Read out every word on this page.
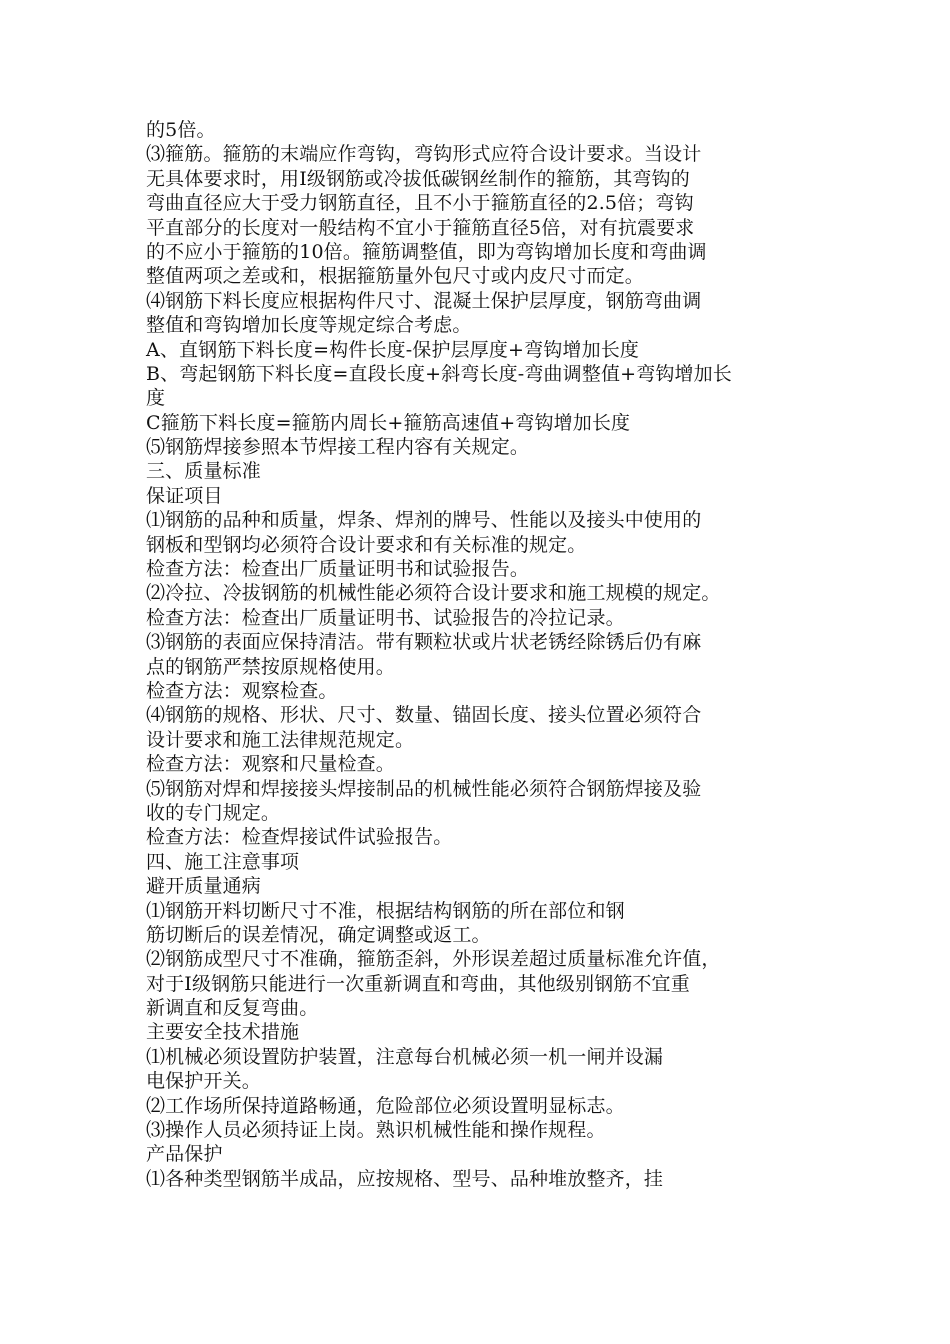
的5倍。

⑶箍筋。箍筋的末端应作弯钩，弯钩形式应符合设计要求。当设计

无具体要求时，用Ⅰ级钢筋或冷拔低碳钢丝制作的箍筋，其弯钩的

弯曲直径应大于受力钢筋直径，且不小于箍筋直径的2.5倍；弯钩

平直部分的长度对一般结构不宜小于箍筋直径5倍，对有抗震要求

的不应小于箍筋的10倍。箍筋调整值，即为弯钩增加长度和弯曲调

整值两项之差或和，根据箍筋量外包尺寸或内皮尺寸而定。

⑷钢筋下料长度应根据构件尺寸、混凝土保护层厚度，钢筋弯曲调

整值和弯钩增加长度等规定综合考虑。

A、直钢筋下料长度=构件长度-保护层厚度+弯钩增加长度

B、弯起钢筋下料长度=直段长度+斜弯长度-弯曲调整值+弯钩增加长

度

C箍筋下料长度=箍筋内周长+箍筋高速值+弯钩增加长度

⑸钢筋焊接参照本节焊接工程内容有关规定。

三、质量标准

保证项目

⑴钢筋的品种和质量，焊条、焊剂的牌号、性能以及接头中使用的

钢板和型钢均必须符合设计要求和有关标准的规定。

检查方法：检查出厂质量证明书和试验报告。

⑵冷拉、冷拔钢筋的机械性能必须符合设计要求和施工规模的规定。

检查方法：检查出厂质量证明书、试验报告的冷拉记录。

⑶钢筋的表面应保持清洁。带有颗粒状或片状老锈经除锈后仍有麻

点的钢筋严禁按原规格使用。

检查方法：观察检查。

⑷钢筋的规格、形状、尺寸、数量、锚固长度、接头位置必须符合

设计要求和施工法律规范规定。

检查方法：观察和尺量检查。

⑸钢筋对焊和焊接接头焊接制品的机械性能必须符合钢筋焊接及验

收的专门规定。

检查方法：检查焊接试件试验报告。

四、施工注意事项

避开质量通病

⑴钢筋开料切断尺寸不准，根据结构钢筋的所在部位和钢

筋切断后的误差情况，确定调整或返工。

⑵钢筋成型尺寸不准确，箍筋歪斜，外形误差超过质量标准允许值，

对于Ⅰ级钢筋只能进行一次重新调直和弯曲，其他级别钢筋不宜重

新调直和反复弯曲。

主要安全技术措施

⑴机械必须设置防护装置，注意每台机械必须一机一闸并设漏

电保护开关。

⑵工作场所保持道路畅通，危险部位必须设置明显标志。

⑶操作人员必须持证上岗。熟识机械性能和操作规程。

产品保护

⑴各种类型钢筋半成品，应按规格、型号、品种堆放整齐，挂
